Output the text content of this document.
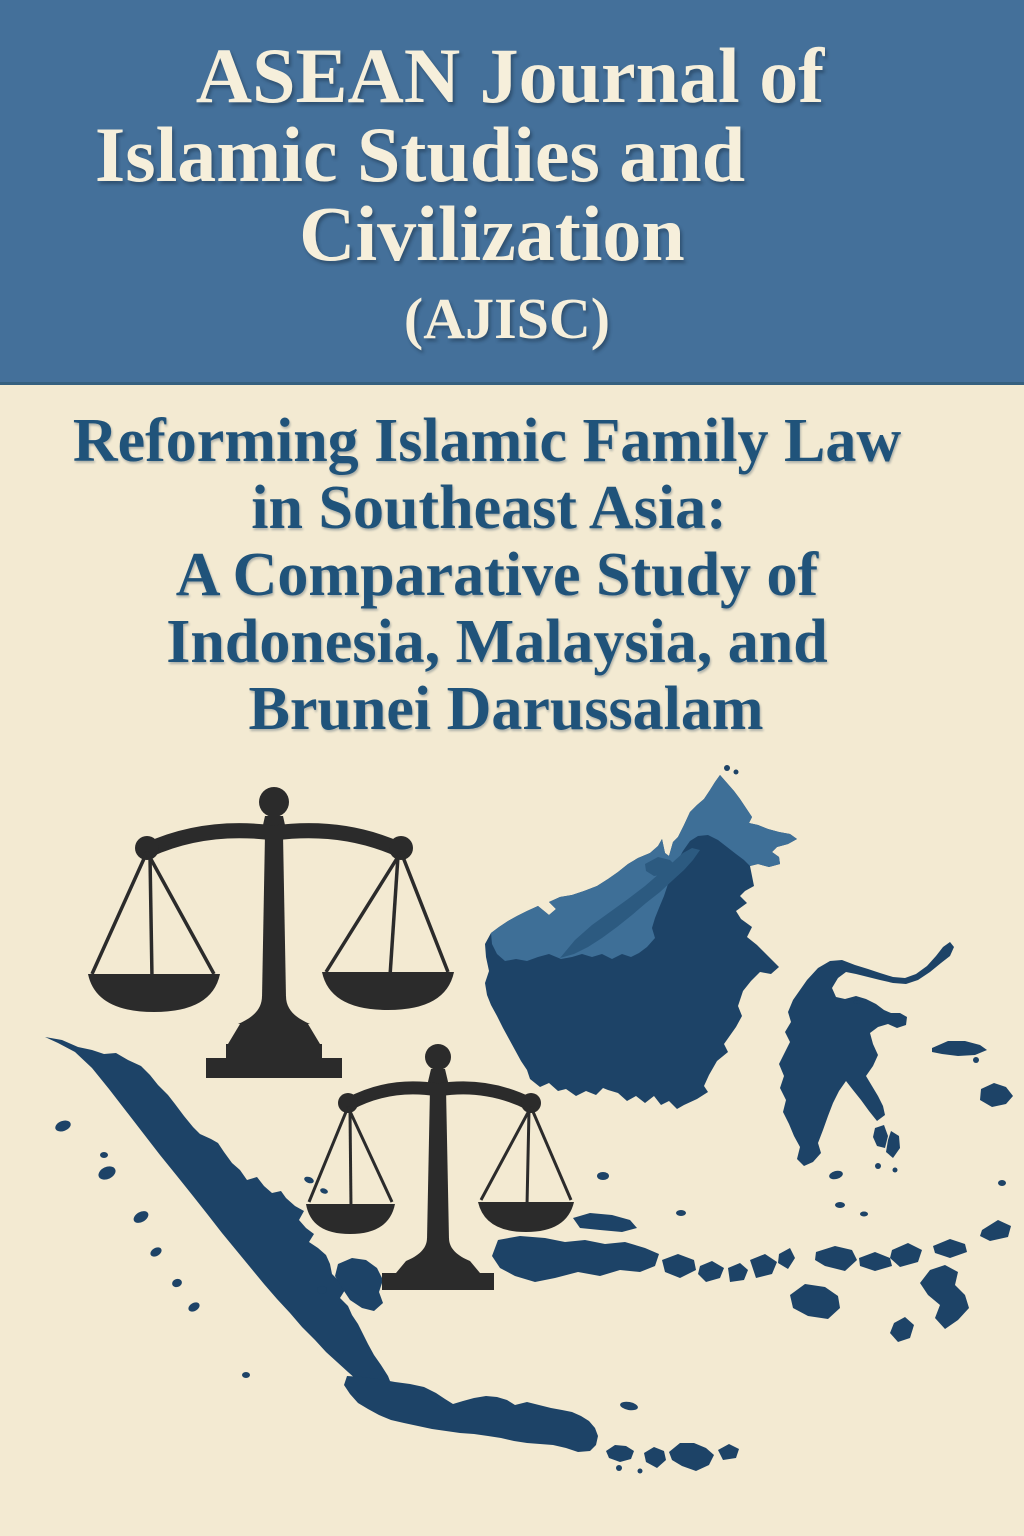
ASEAN Journal of
Islamic Studies and
Civilization
(AJISC)
Reforming Islamic Family Law
in Southeast Asia:
A Comparative Study of
Indonesia, Malaysia, and
Brunei Darussalam
